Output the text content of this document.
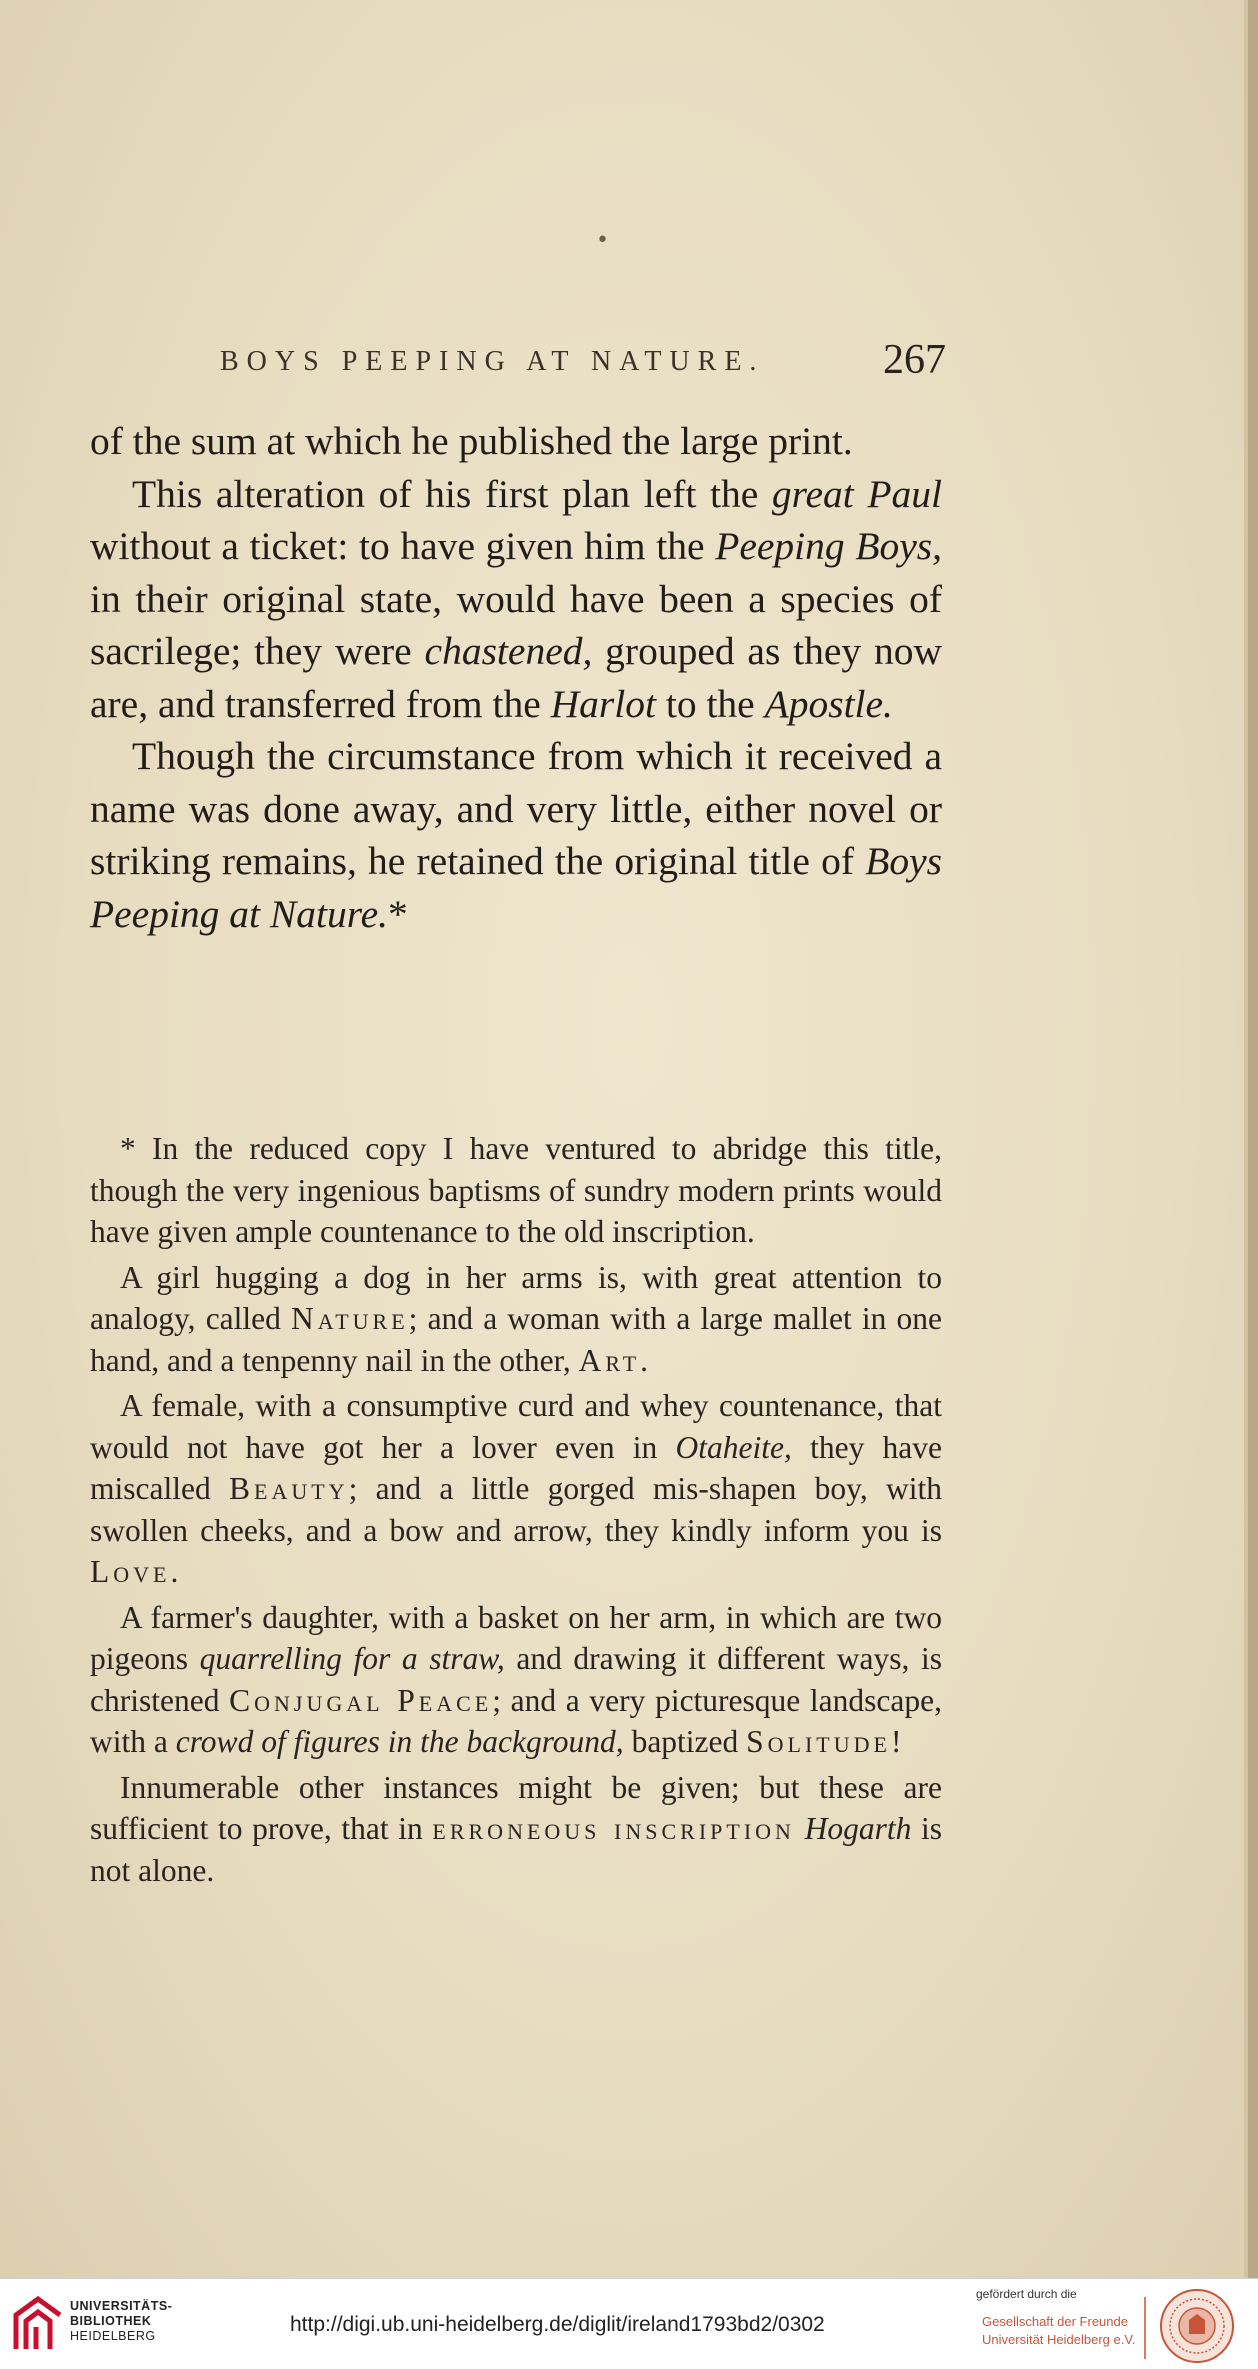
•
BOYS PEEPING AT NATURE.	267

of the sum at which he published the large print.

This alteration of his first plan left the great Paul without a ticket: to have given him the Peeping Boys, in their original state, would have been a species of sacrilege; they were chastened, grouped as they now are, and transferred from the Harlot to the Apostle.

Though the circumstance from which it received a name was done away, and very little, either novel or striking remains, he retained the original title of Boys Peeping at Nature.*

* In the reduced copy I have ventured to abridge this title, though the very ingenious baptisms of sundry modern prints would have given ample countenance to the old inscription.

A girl hugging a dog in her arms is, with great attention to analogy, called Nature; and a woman with a large mallet in one hand, and a tenpenny nail in the other, Art.

A female, with a consumptive curd and whey countenance, that would not have got her a lover even in Otaheite, they have miscalled Beauty; and a little gorged mis-shapen boy, with swollen cheeks, and a bow and arrow, they kindly inform you is Love.

A farmer's daughter, with a basket on her arm, in which are two pigeons quarrelling for a straw, and drawing it different ways, is christened Conjugal Peace; and a very picturesque landscape, with a crowd of figures in the background, baptized Solitude!

Innumerable other instances might be given; but these are sufficient to prove, that in erroneous inscription Hogarth is not alone.

UNIVERSITÄTS-
BIBLIOTHEK
HEIDELBERG	http://digi.ub.uni-heidelberg.de/diglit/ireland1793bd2/0302
gefördert durch die
Gesellschaft der Freunde
Universität Heidelberg e.V.
